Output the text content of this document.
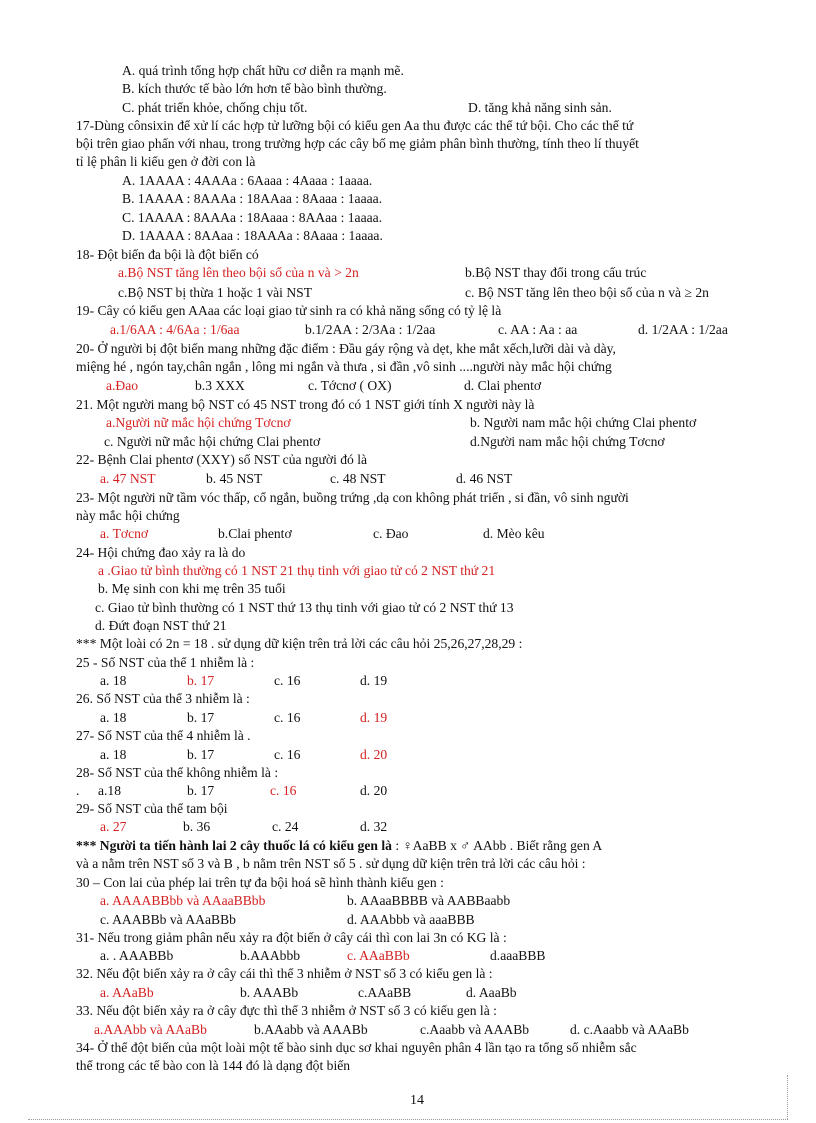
A. quá trình tổng hợp chất hữu cơ diễn ra mạnh mẽ.
B. kích thước tế bào lớn hơn tế bào bình thường.
C. phát triển khỏe, chống chịu tốt.	D. tăng khả năng sinh sản.
17-Dùng cônsixin để xử lí các hợp tử lưỡng bội có kiểu gen Aa thu được các thể tứ bội. Cho các thể tứ
bội trên giao phấn với nhau, trong trường hợp các cây bố mẹ giảm phân bình thường, tính theo lí thuyết
tỉ lệ phân li kiểu gen ở đời con là
A. 1AAAA : 4AAAa : 6Aaaa : 4Aaaa : 1aaaa.
B. 1AAAA : 8AAAa : 18AAaa : 8Aaaa : 1aaaa.
C. 1AAAA : 8AAAa : 18Aaaa : 8AAaa : 1aaaa.
D. 1AAAA : 8AAaa : 18AAAa : 8Aaaa : 1aaaa.
18- Đột biến đa bội là đột biến có
a.Bộ NST tăng lên theo bội số của n và > 2n	b.Bộ NST thay đổi trong cấu trúc
c.Bộ NST bị thừa 1 hoặc 1 vài NST	c. Bộ NST tăng lên theo bội số của n và ≥ 2n
19- Cây có kiểu gen AAaa các loại giao tử sinh ra có khả năng sống có tỷ lệ là
a.1/6AA : 4/6Aa : 1/6aa	b.1/2AA : 2/3Aa : 1/2aa	c. AA : Aa : aa	d. 1/2AA : 1/2aa
20- Ở người bị đột biến mang những đặc điểm : Đầu gáy rộng và dẹt, khe mắt xếch,lưỡi dài và dày,
miệng hé , ngón tay,chân ngắn , lông mi ngắn và thưa , si đần ,vô sinh ....người này mắc hội chứng
a.Đao	b.3 XXX	c. Tớcnơ ( OX)	d. Clai phentơ
21. Một người mang bộ NST có 45 NST trong đó có 1 NST giới tính X người này là
a.Người nữ mắc hội chứng Tơcnơ	b. Người nam mắc hội chứng Clai phentơ
c. Người nữ mắc hội chứng Clai phentơ	d.Người nam mắc hội chứng Tơcnơ
22- Bệnh Clai phentơ (XXY) số NST của người đó là
a. 47 NST	b. 45 NST	c. 48 NST	d. 46 NST
23- Một người nữ tầm vóc thấp, cổ ngắn, buồng trứng ,dạ con không phát triển , si đần, vô sinh người
này mắc hội chứng
a. Tơcnơ	b.Clai phentơ	c. Đao	d. Mèo kêu
24- Hội chứng đao xảy ra là do
a .Giao tử bình thường có 1 NST 21 thụ tinh với giao tử có 2 NST thứ 21
b. Mẹ sinh con khi mẹ trên 35 tuổi
c. Giao tử bình thường có 1 NST thứ 13 thụ tinh với giao tử có 2 NST thứ 13
d. Đứt đoạn NST thứ 21
*** Một loài có 2n = 18 . sử dụng dữ kiện trên trả lời các câu hỏi 25,26,27,28,29 :
25 - Số NST của thể 1 nhiễm là :
a. 18	b. 17	c. 16	d. 19
26. Số NST của thể 3 nhiễm là :
a. 18	b. 17	c. 16	d. 19
27- Số NST của thể 4 nhiễm là .
a. 18	b. 17	c. 16	d. 20
28- Số NST của thể không nhiễm là :
. a.18	b. 17	c. 16	d. 20
29- Số NST của thể tam bội
a. 27	b. 36	c. 24	d. 32
*** Người ta tiến hành lai 2 cây thuốc lá có kiểu gen là : ♀AaBB x ♂ AAbb . Biết rằng gen A
và a nằm trên NST số 3 và B , b nằm trên NST số 5 . sử dụng dữ kiện trên trả lời các câu hỏi :
30 – Con lai của phép lai trên tự đa bội hoá sẽ hình thành kiểu gen :
a. AAAABBbb và AAaaBBbb	b. AAaaBBBB và AABBaabb
c. AAABBb và AAaBBb	d. AAAbbb và aaaBBB
31- Nếu trong giảm phân nếu xảy ra đột biến ở cây cái thì con lai 3n có KG là :
a. . AAABBb	b.AAAbbb	c. AAaBBb	d.aaaBBB
32. Nếu đột biến xảy ra ở cây cái thì thể 3 nhiễm ở NST số 3 có kiểu gen là :
a. AAaBb	b. AAABb	c.AAaBB	d. AaaBb
33. Nếu đột biến xảy ra ở cây đực thì thể 3 nhiễm ở NST số 3 có kiểu gen là :
a.AAAbb và AAaBb	b.AAabb và AAABb	c.Aaabb và AAABb	d. c.Aaabb và AAaBb
34- Ở thể đột biến của một loài một tế bào sinh dục sơ khai nguyên phân 4 lần tạo ra tổng số nhiễm sắc
thể trong các tế bào con là 144 đó là dạng đột biến
14
